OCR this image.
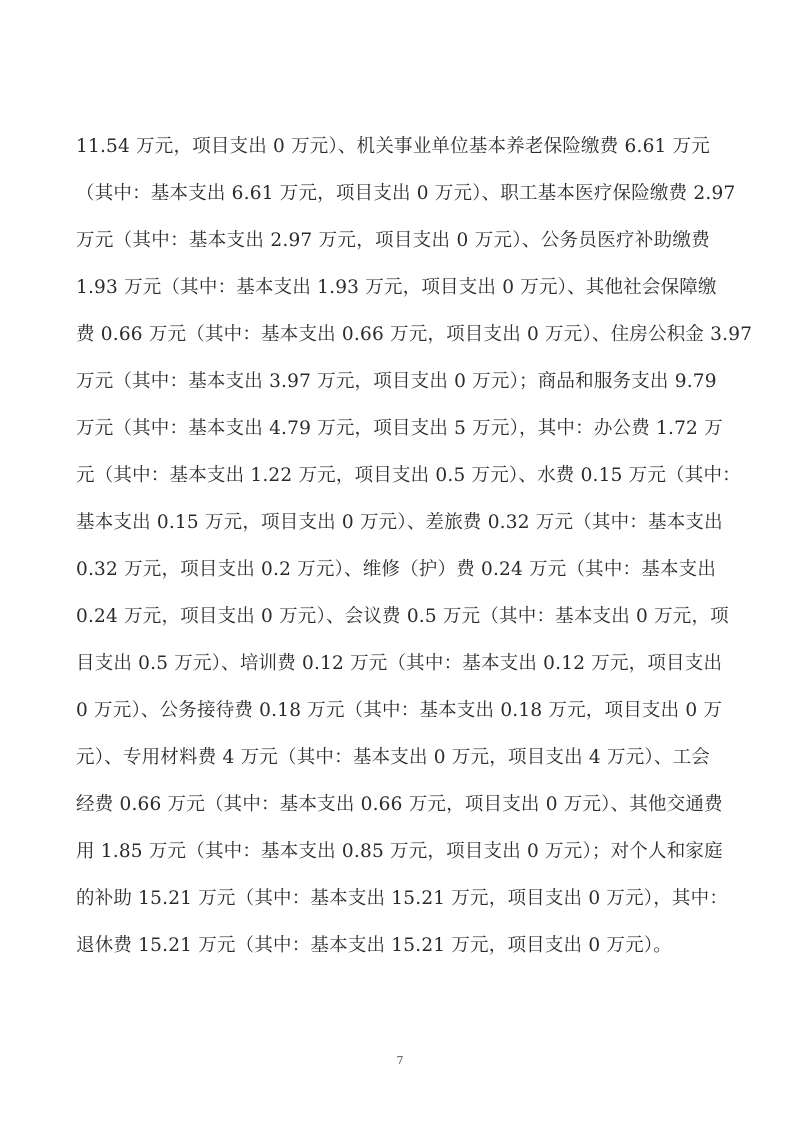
11.54 万元，项目支出 0 万元）、机关事业单位基本养老保险缴费 6.61 万元
（其中：基本支出 6.61 万元，项目支出 0 万元）、职工基本医疗保险缴费 2.97
万元（其中：基本支出 2.97 万元，项目支出 0 万元）、公务员医疗补助缴费
1.93 万元（其中：基本支出 1.93 万元，项目支出 0 万元）、其他社会保障缴
费 0.66 万元（其中：基本支出 0.66 万元，项目支出 0 万元）、住房公积金 3.97
万元（其中：基本支出 3.97 万元，项目支出 0 万元）；商品和服务支出 9.79
万元（其中：基本支出 4.79 万元，项目支出 5 万元），其中：办公费 1.72 万
元（其中：基本支出 1.22 万元，项目支出 0.5 万元）、水费 0.15 万元（其中：
基本支出 0.15 万元，项目支出 0 万元）、差旅费 0.32 万元（其中：基本支出
0.32 万元，项目支出 0.2 万元）、维修（护）费 0.24 万元（其中：基本支出
0.24 万元，项目支出 0 万元）、会议费 0.5 万元（其中：基本支出 0 万元，项
目支出 0.5 万元）、培训费 0.12 万元（其中：基本支出 0.12 万元，项目支出
0 万元）、公务接待费 0.18 万元（其中：基本支出 0.18 万元，项目支出 0 万
元）、专用材料费 4 万元（其中：基本支出 0 万元，项目支出 4 万元）、工会
经费 0.66 万元（其中：基本支出 0.66 万元，项目支出 0 万元）、其他交通费
用 1.85 万元（其中：基本支出 0.85 万元，项目支出 0 万元）；对个人和家庭
的补助 15.21 万元（其中：基本支出 15.21 万元，项目支出 0 万元），其中：
退休费 15.21 万元（其中：基本支出 15.21 万元，项目支出 0 万元）。
7
